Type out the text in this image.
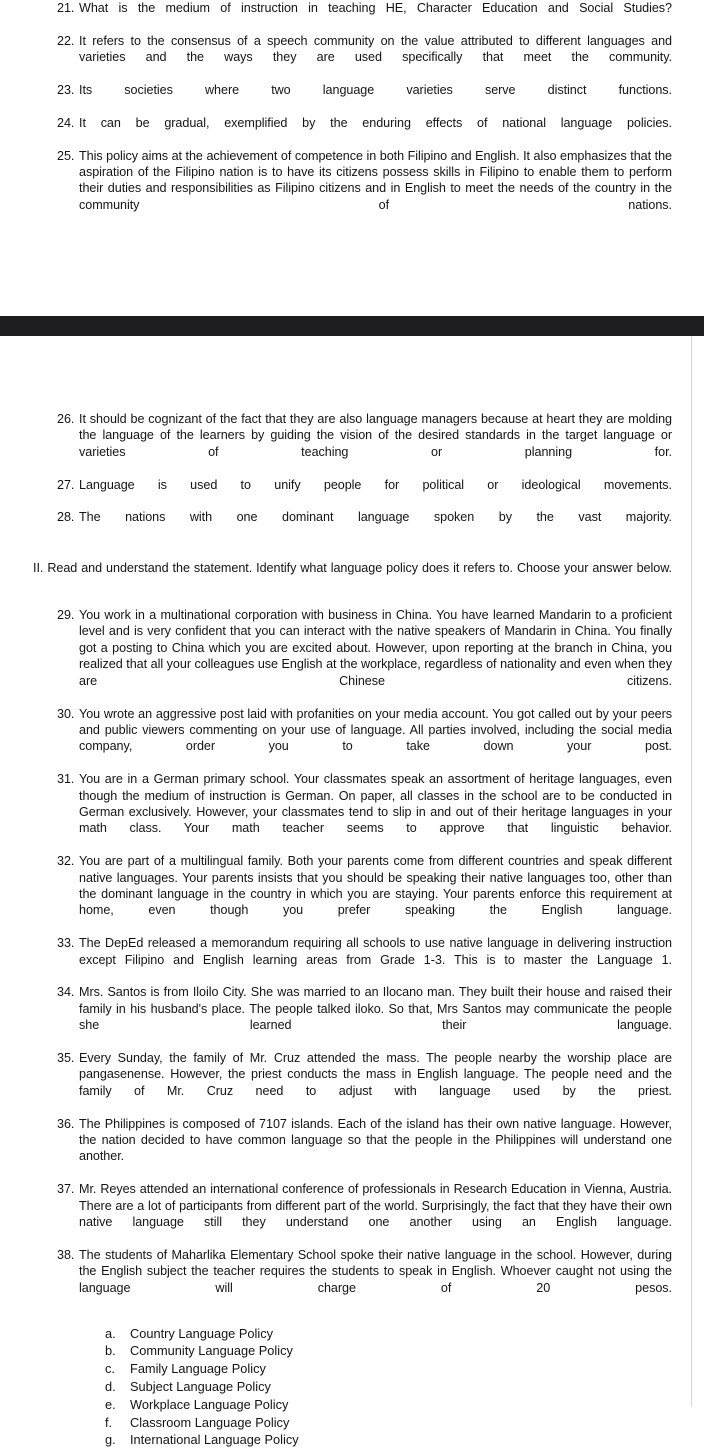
21. What is the medium of instruction in teaching HE, Character Education and Social Studies?
22. It refers to the consensus of a speech community on the value attributed to different languages and varieties and the ways they are used specifically that meet the community.
23. Its societies where two language varieties serve distinct functions.
24. It can be gradual, exemplified by the enduring effects of national language policies.
25. This policy aims at the achievement of competence in both Filipino and English. It also emphasizes that the aspiration of the Filipino nation is to have its citizens possess skills in Filipino to enable them to perform their duties and responsibilities as Filipino citizens and in English to meet the needs of the country in the community of nations.
26. It should be cognizant of the fact that they are also language managers because at heart they are molding the language of the learners by guiding the vision of the desired standards in the target language or varieties of teaching or planning for.
27. Language is used to unify people for political or ideological movements.
28. The nations with one dominant language spoken by the vast majority.

II. Read and understand the statement. Identify what language policy does it refers to. Choose your answer below.

29. You work in a multinational corporation with business in China. You have learned Mandarin to a proficient level and is very confident that you can interact with the native speakers of Mandarin in China. You finally got a posting to China which you are excited about. However, upon reporting at the branch in China, you realized that all your colleagues use English at the workplace, regardless of nationality and even when they are Chinese citizens.
30. You wrote an aggressive post laid with profanities on your media account. You got called out by your peers and public viewers commenting on your use of language. All parties involved, including the social media company, order you to take down your post.
31. You are in a German primary school. Your classmates speak an assortment of heritage languages, even though the medium of instruction is German. On paper, all classes in the school are to be conducted in German exclusively. However, your classmates tend to slip in and out of their heritage languages in your math class. Your math teacher seems to approve that linguistic behavior.
32. You are part of a multilingual family. Both your parents come from different countries and speak different native languages. Your parents insists that you should be speaking their native languages too, other than the dominant language in the country in which you are staying. Your parents enforce this requirement at home, even though you prefer speaking the English language.
33. The DepEd released a memorandum requiring all schools to use native language in delivering instruction except Filipino and English learning areas from Grade 1-3. This is to master the Language 1.
34. Mrs. Santos is from Iloilo City. She was married to an Ilocano man. They built their house and raised their family in his husband's place. The people talked iloko. So that, Mrs Santos may communicate the people she learned their language.
35. Every Sunday, the family of Mr. Cruz attended the mass. The people nearby the worship place are pangasenense. However, the priest conducts the mass in English language. The people need and the family of Mr. Cruz need to adjust with language used by the priest.
36. The Philippines is composed of 7107 islands. Each of the island has their own native language. However, the nation decided to have common language so that the people in the Philippines will understand one another.
37. Mr. Reyes attended an international conference of professionals in Research Education in Vienna, Austria. There are a lot of participants from different part of the world. Surprisingly, the fact that they have their own native language still they understand one another using an English language.
38. The students of Maharlika Elementary School spoke their native language in the school. However, during the English subject the teacher requires the students to speak in English. Whoever caught not using the language will charge of 20 pesos.
a.	Country Language Policy
b.	Community Language Policy
c.	Family Language Policy
d.	Subject Language Policy
e.	Workplace Language Policy
f.	Classroom Language Policy
g.	International Language Policy
